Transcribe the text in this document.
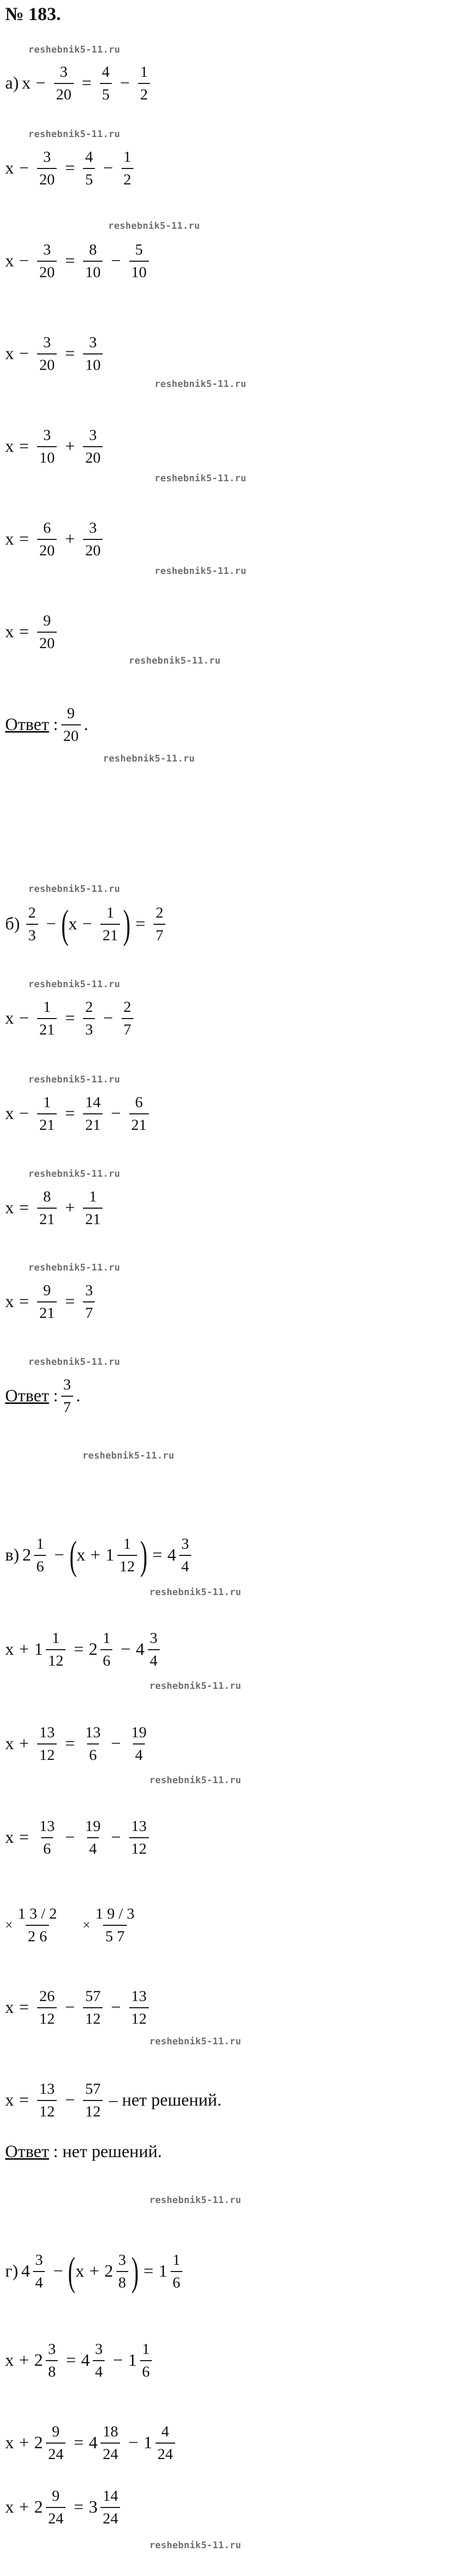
№ 183.
reshebnik5-11.ru
а) $x - \frac{3}{20} = \frac{4}{5} - \frac{1}{2}$
reshebnik5-11.ru
$x - \frac{3}{20} = \frac{4}{5} - \frac{1}{2}$
reshebnik5-11.ru
$x - \frac{3}{20} = \frac{8}{10} - \frac{5}{10}$
$x - \frac{3}{20} = \frac{3}{10}$
reshebnik5-11.ru
$x = \frac{3}{10} + \frac{3}{20}$
reshebnik5-11.ru
$x = \frac{6}{20} + \frac{3}{20}$
reshebnik5-11.ru
$x = \frac{9}{20}$
reshebnik5-11.ru
Ответ : $\frac{9}{20}$ .
reshebnik5-11.ru
reshebnik5-11.ru
$б) \frac{2}{3}$ − ( $x - \frac{1}{21}$ ) = $\frac{2}{7}$
reshebnik5-11.ru
$x - \frac{1}{21} = \frac{2}{3} - \frac{2}{7}$
reshebnik5-11.ru
$x - \frac{1}{21} = \frac{14}{21} - \frac{6}{21}$
reshebnik5-11.ru
$x = \frac{8}{21} + \frac{1}{21}$
reshebnik5-11.ru
$x = \frac{9}{21} = \frac{3}{7}$
reshebnik5-11.ru
Ответ : $\frac{3}{7}$ .
reshebnik5-11.ru
в) $2 \frac{1}{6}$ − ( $x + 1 \frac{1}{12}$ ) = $4 \frac{3}{4}$
reshebnik5-11.ru
$x + 1 \frac{1}{12} = 2 \frac{1}{6} - 4 \frac{3}{4}$
reshebnik5-11.ru
$x + \frac{13}{12} = \frac{13}{6} - \frac{19}{4}$
reshebnik5-11.ru
$x = \frac{13}{6} - \frac{19}{4} - \frac{13}{12}$
× $\frac{1 3 / 2}{2 6} \times \frac{1 9 / 3}{5 7}$
$x = \frac{26}{12} - \frac{57}{12} - \frac{13}{12}$
reshebnik5-11.ru
$x = \frac{13}{12} - \frac{57}{12}$ – нет решений.
Ответ : нет решений.
reshebnik5-11.ru
г) $4 \frac{3}{4}$ − ( $x + 2 \frac{3}{8}$ ) = $1 \frac{1}{6}$
$x + 2 \frac{3}{8} = 4 \frac{3}{4} - 1 \frac{1}{6}$
$x + 2 \frac{9}{24} = 4 \frac{18}{24} - 1 \frac{4}{24}$
$x + 2 \frac{9}{24} = 3 \frac{14}{24}$
reshebnik5-11.ru
